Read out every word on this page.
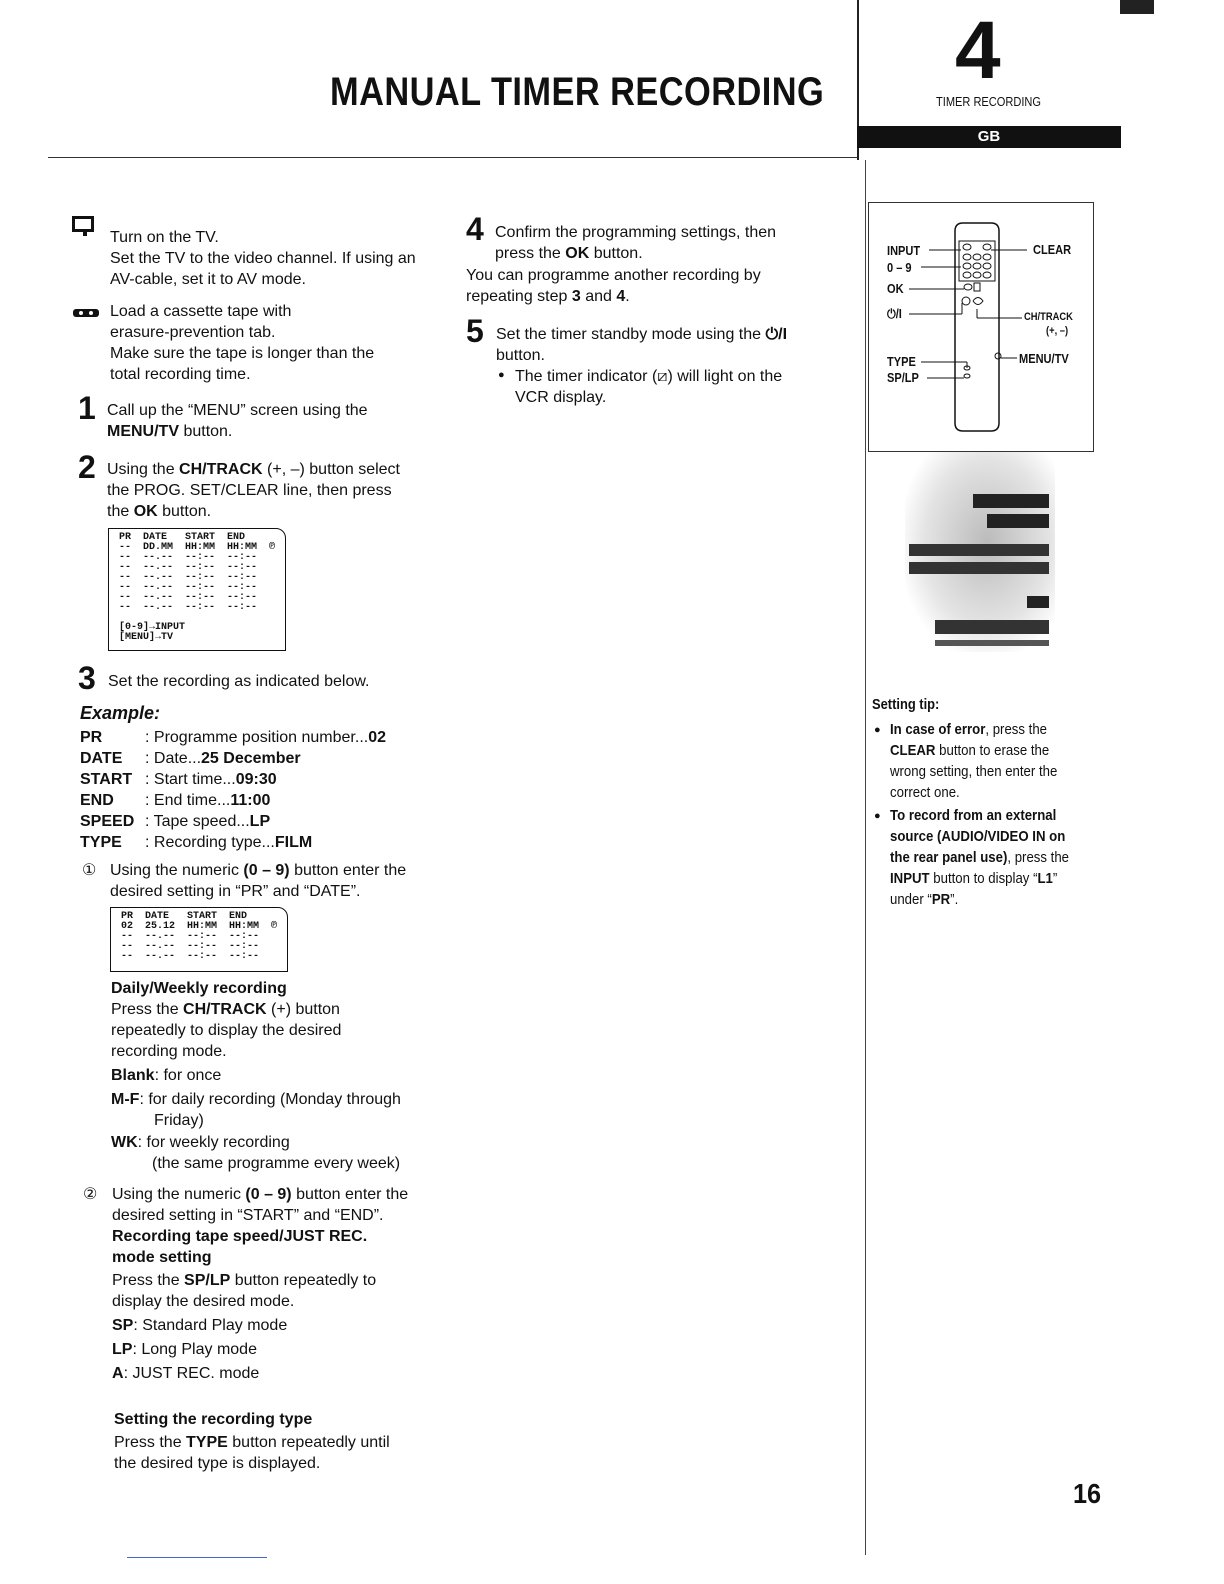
MANUAL TIMER RECORDING 4
TIMER RECORDING
GB
Turn on the TV.
Set the TV to the video channel. If using an
AV-cable, set it to AV mode.
Load a cassette tape with
erasure-prevention tab.
Make sure the tape is longer than the
total recording time.
1 Call up the “MENU” screen using the
MENU/TV button.
2 Using the CH/TRACK (+, –) button select
the PROG. SET/CLEAR line, then press
the OK button.
PR  DATE   START  END
--  DD.MM  HH:MM  HH:MM  ℗
--  --.--  --:--  --:--
--  --.--  --:--  --:--
--  --.--  --:--  --:--
--  --.--  --:--  --:--
--  --.--  --:--  --:--
--  --.--  --:--  --:--

[0-9]→INPUT
[MENU]→TV
3 Set the recording as indicated below.
Example:
PR	: Programme position number... 02
DATE	: Date... 25 December
START : Start time... 09:30
END	: End time... 11:00
SPEED : Tape speed... LP
TYPE	: Recording type... FILM
① Using the numeric (0 – 9) button enter the
desired setting in “PR” and “DATE”.
PR  DATE   START  END
02  25.12  HH:MM  HH:MM  ℗
--  --.--  --:--  --:--
--  --.--  --:--  --:--
--  --.--  --:--  --:--
Daily/Weekly recording
Press the CH/TRACK (+) button
repeatedly to display the desired
recording mode.
Blank: for once
M-F: for daily recording (Monday through
Friday)
WK: for weekly recording
(the same programme every week)
② Using the numeric (0 – 9) button enter the
desired setting in “START” and “END”.
Recording tape speed/JUST REC.
mode setting
Press the SP/LP button repeatedly to
display the desired mode.
SP: Standard Play mode
LP: Long Play mode
A: JUST REC. mode
Setting the recording type
Press the TYPE button repeatedly until
the desired type is displayed.
4 Confirm the programming settings, then
press the OK button.
You can programme another recording by
repeating step 3 and 4.
5 Set the timer standby mode using the ⏻/I
button.
● The timer indicator (⧄) will light on the
VCR display.
INPUT
0 – 9
OK
⏻/I
TYPE
SP/LP
CLEAR
CH/TRACK
(+, –)
MENU/TV
Setting tip:
● In case of error, press the
CLEAR button to erase the
wrong setting, then enter the
correct one.
● To record from an external
source (AUDIO/VIDEO IN on
the rear panel use), press the
INPUT button to display “L1”
under “PR”.
16
